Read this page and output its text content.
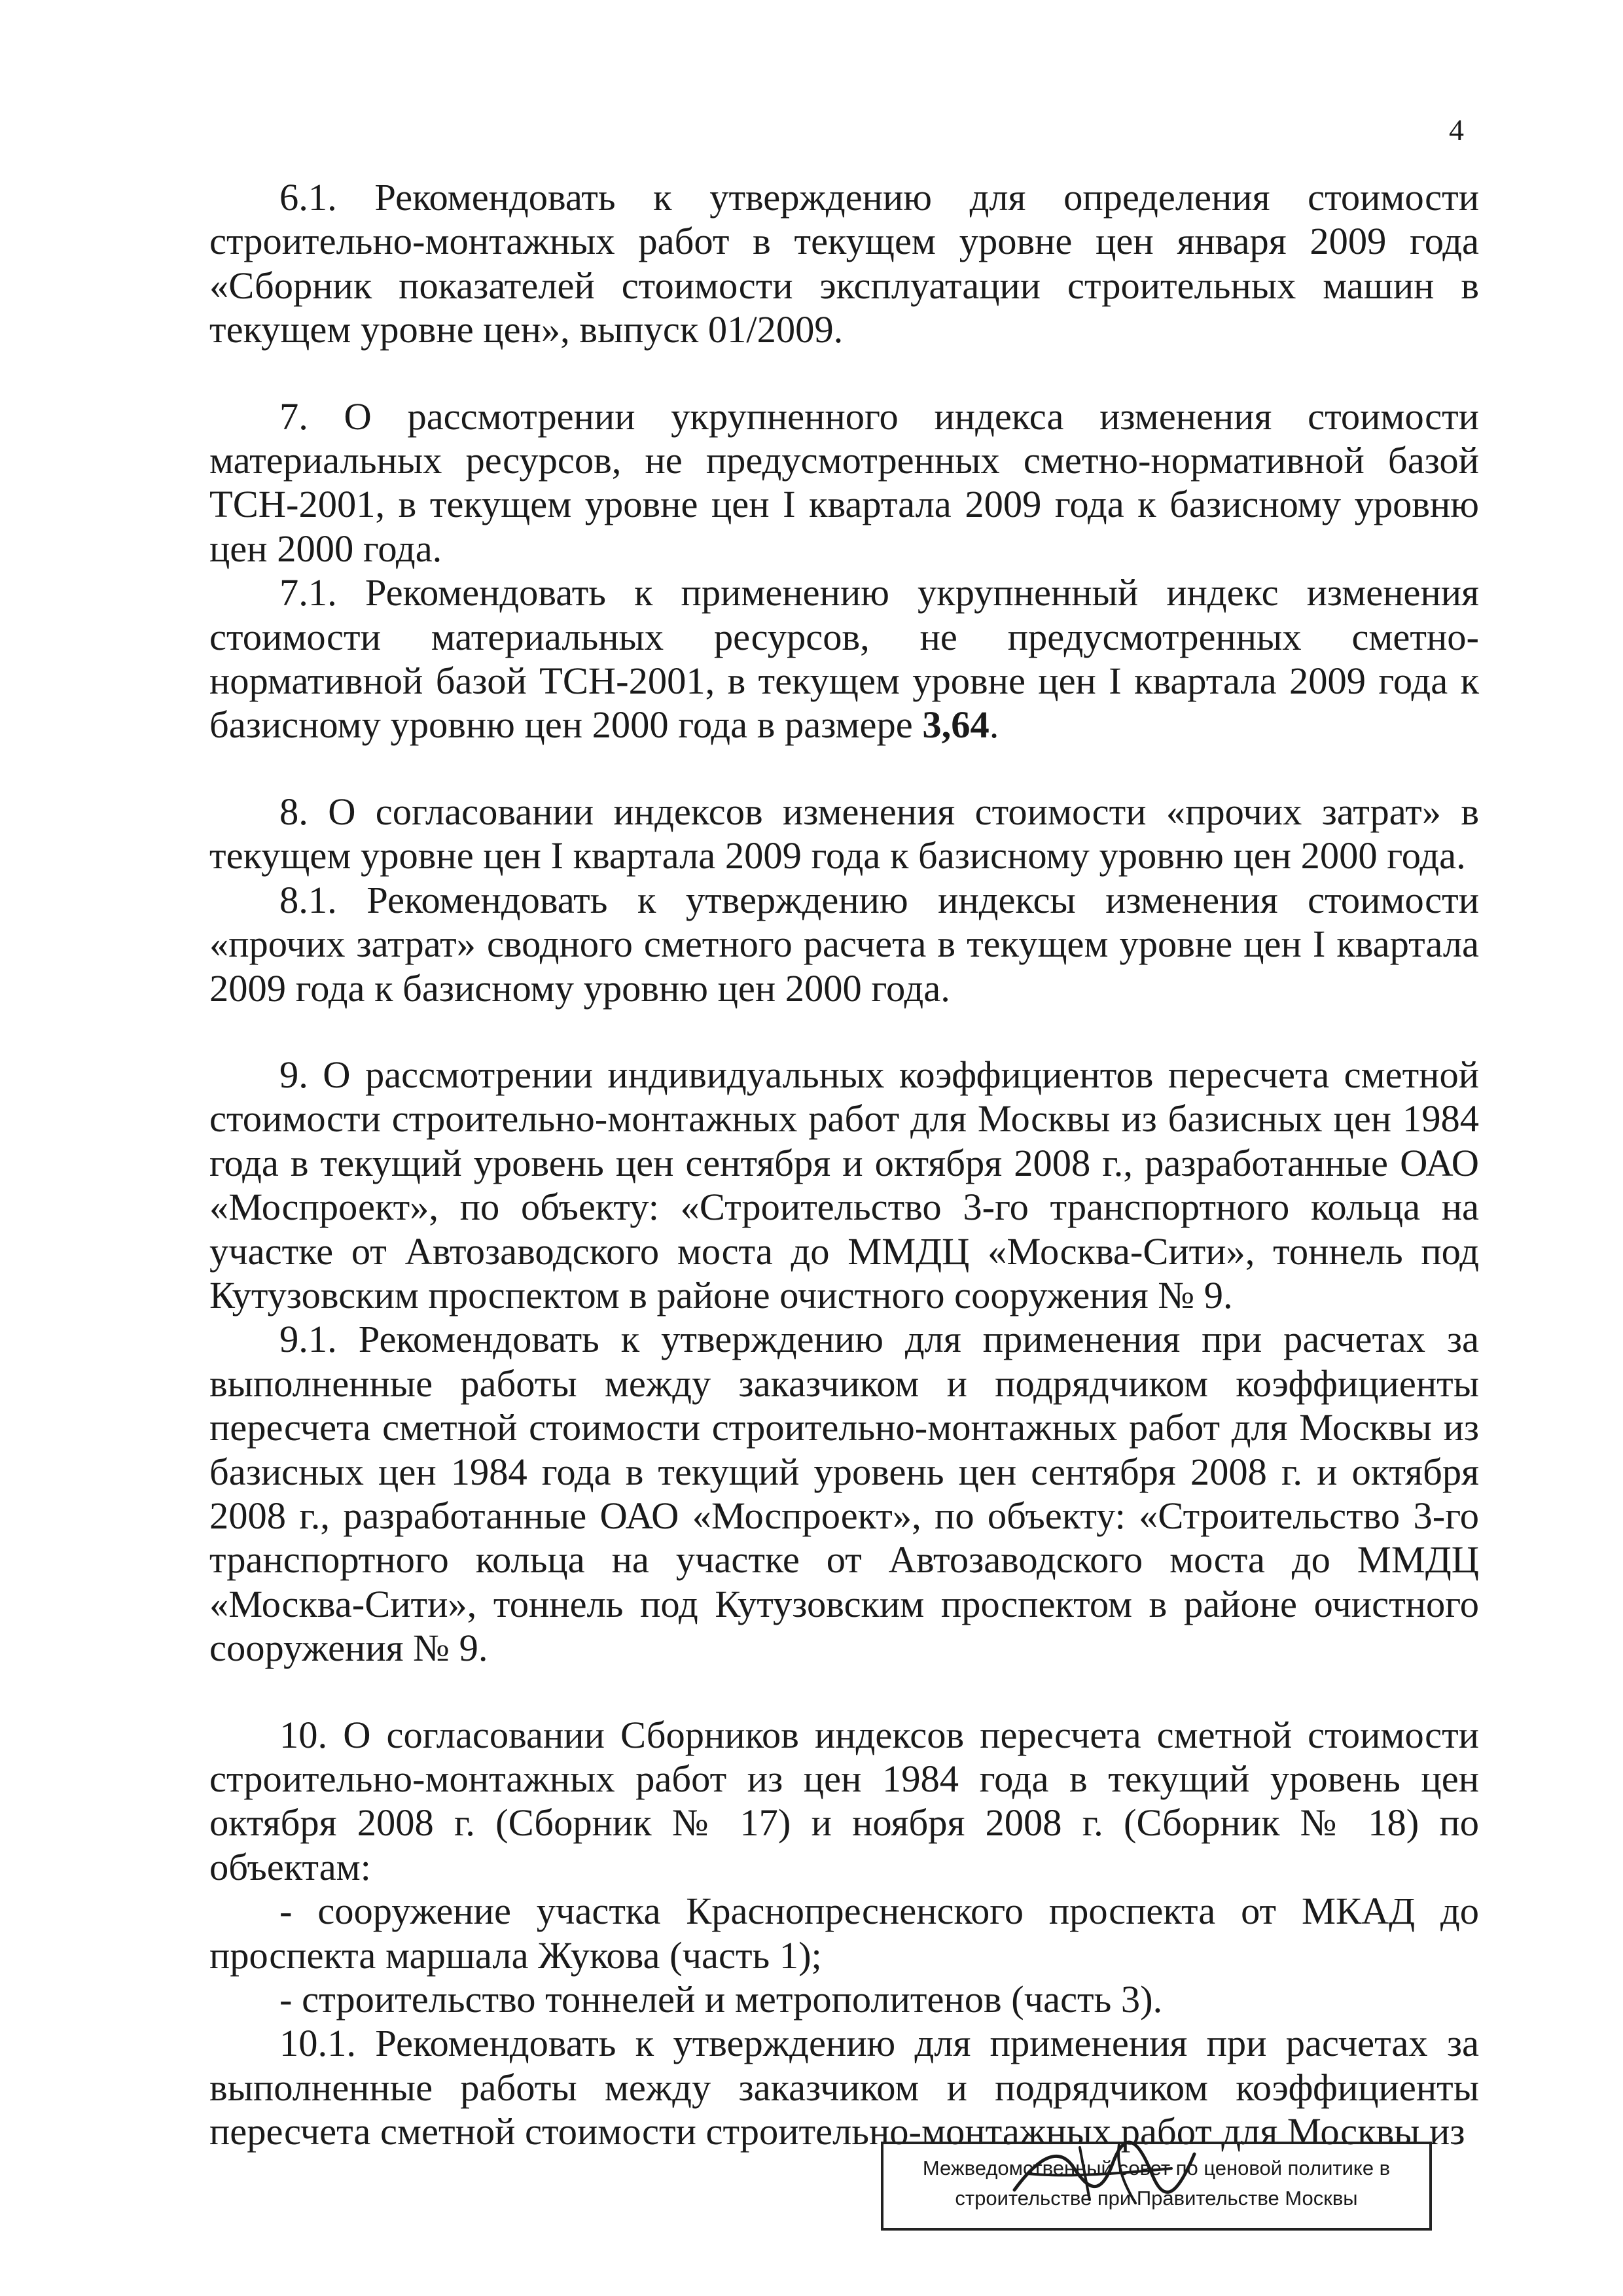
4

6.1. Рекомендовать к утверждению для определения стоимости строительно-монтажных работ в текущем уровне цен января 2009 года «Сборник показателей стоимости эксплуатации строительных машин в текущем уровне цен», выпуск 01/2009.

7. О рассмотрении укрупненного индекса изменения стоимости материальных ресурсов, не предусмотренных сметно-нормативной базой ТСН-2001, в текущем уровне цен I квартала 2009 года к базисному уровню цен 2000 года.

7.1. Рекомендовать к применению укрупненный индекс изменения стоимости материальных ресурсов, не предусмотренных сметно-нормативной базой ТСН-2001, в текущем уровне цен I квартала 2009 года к базисному уровню цен 2000 года в размере 3,64.

8. О согласовании индексов изменения стоимости «прочих затрат» в текущем уровне цен I квартала 2009 года к базисному уровню цен 2000 года.

8.1. Рекомендовать к утверждению индексы изменения стоимости «прочих затрат» сводного сметного расчета в текущем уровне цен I квартала 2009 года к базисному уровню цен 2000 года.

9. О рассмотрении индивидуальных коэффициентов пересчета сметной стоимости строительно-монтажных работ для Москвы из базисных цен 1984 года в текущий уровень цен сентября и октября 2008 г., разработанные ОАО «Моспроект», по объекту: «Строительство 3-го транспортного кольца на участке от Автозаводского моста до ММДЦ «Москва-Сити», тоннель под Кутузовским проспектом в районе очистного сооружения № 9.

9.1. Рекомендовать к утверждению для применения при расчетах за выполненные работы между заказчиком и подрядчиком коэффициенты пересчета сметной стоимости строительно-монтажных работ для Москвы из базисных цен 1984 года в текущий уровень цен сентября 2008 г. и октября 2008 г., разработанные ОАО «Моспроект», по объекту: «Строительство 3-го транспортного кольца на участке от Автозаводского моста до ММДЦ «Москва-Сити», тоннель под Кутузовским проспектом в районе очистного сооружения № 9.

10. О согласовании Сборников индексов пересчета сметной стоимости строительно-монтажных работ из цен 1984 года в текущий уровень цен октября 2008 г. (Сборник № 17) и ноября 2008 г. (Сборник № 18) по объектам:

- сооружение участка Краснопресненского проспекта от МКАД до проспекта маршала Жукова (часть 1);

- строительство тоннелей и метрополитенов (часть 3).

10.1. Рекомендовать к утверждению для применения при расчетах за выполненные работы между заказчиком и подрядчиком коэффициенты пересчета сметной стоимости строительно-монтажных работ для Москвы из

Межведомственный совет по ценовой политике в
строительстве при Правительстве Москвы
